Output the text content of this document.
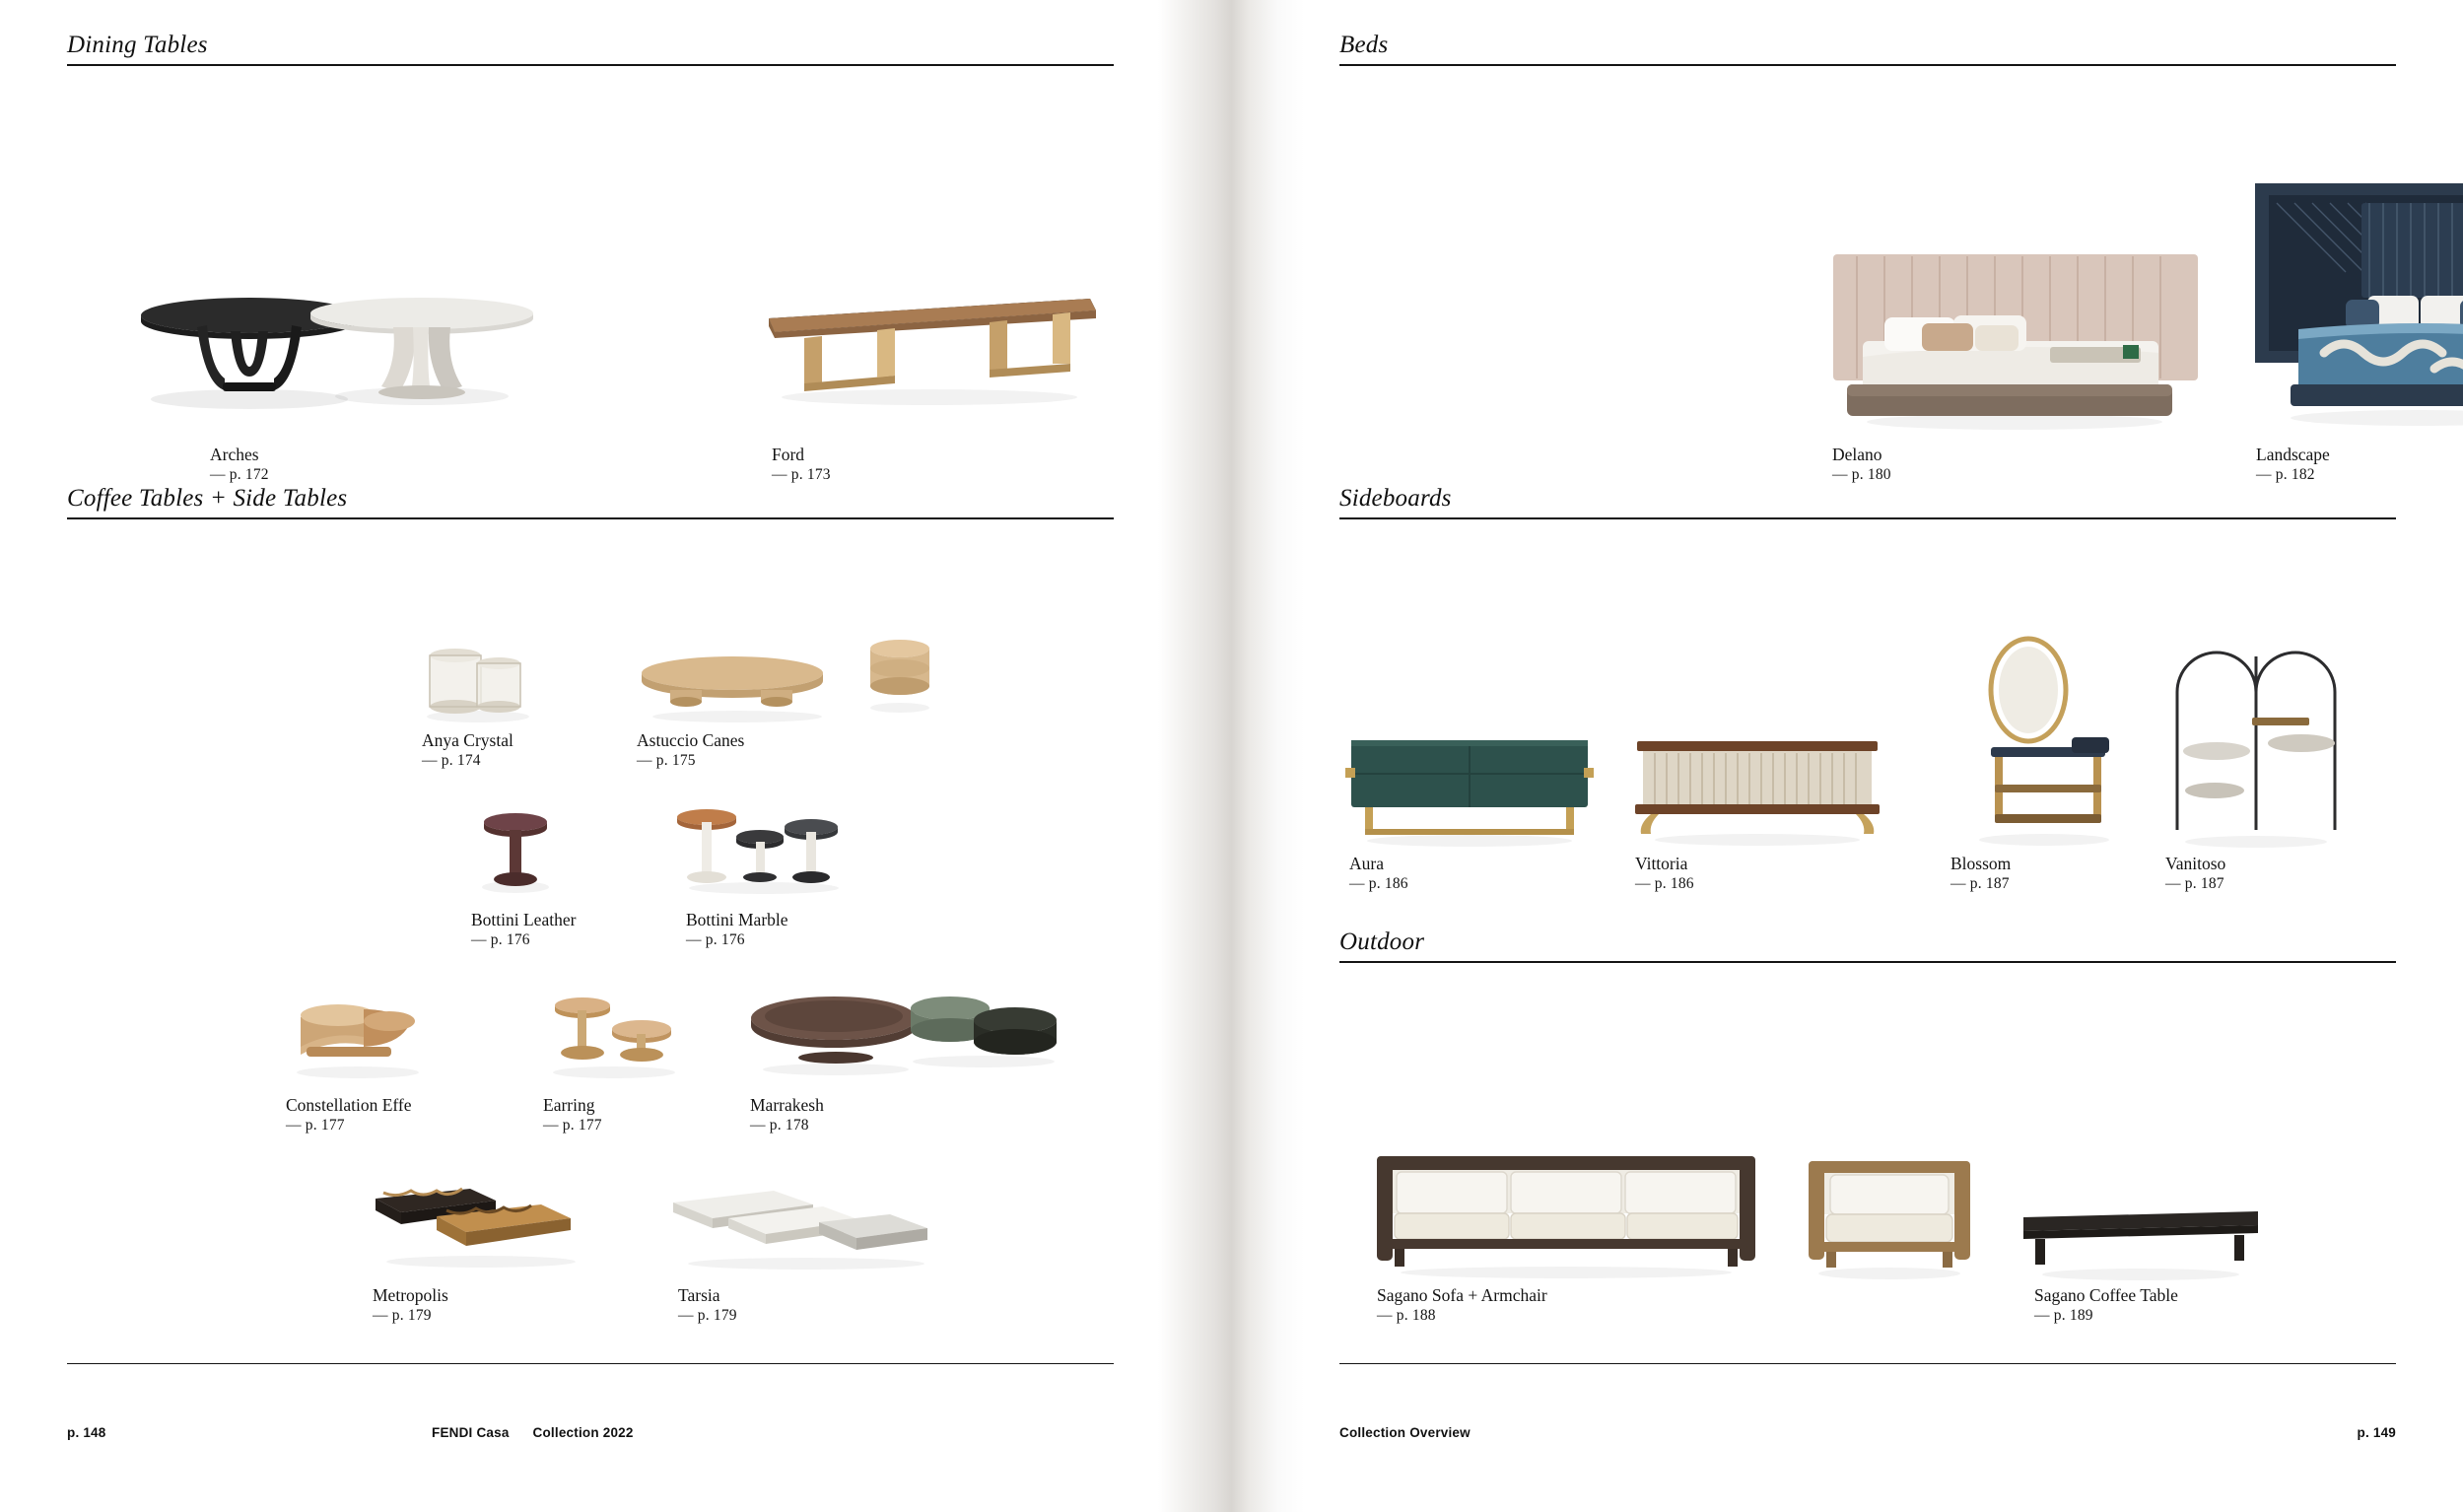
Dining Tables
Arches
— p. 172
Ford
— p. 173
Coffee Tables + Side Tables
Anya Crystal
— p. 174
Astuccio Canes
— p. 175
Bottini Leather
— p. 176
Bottini Marble
— p. 176
Constellation Effe
— p. 177
Earring
— p. 177
Marrakesh
— p. 178
Metropolis
— p. 179
Tarsia
— p. 179
p. 148	FENDI Casa Collection 2022
Beds
Delano
— p. 180
Landscape
— p. 182
Sideboards
Aura
— p. 186
Vittoria
— p. 186
Blossom
— p. 187
Vanitoso
— p. 187
Outdoor
Sagano Sofa + Armchair
— p. 188
Sagano Coffee Table
— p. 189
Collection Overview	p. 149
